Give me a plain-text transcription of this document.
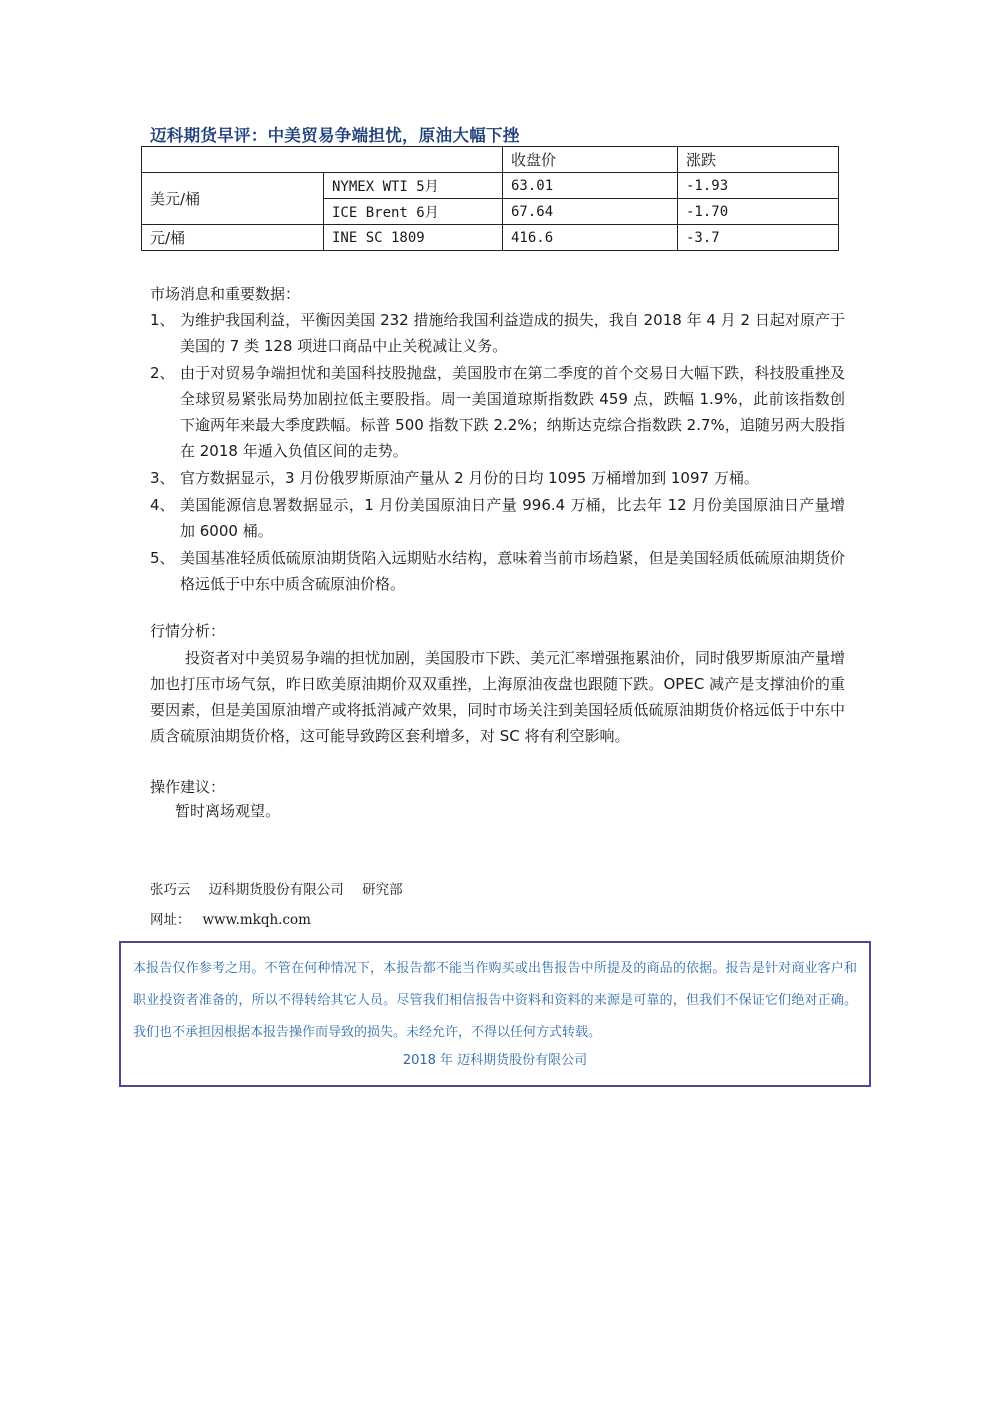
迈科期货早评：中美贸易争端担忧，原油大幅下挫
		收盘价	涨跌
美元/桶	NYMEX WTI 5月	63.01	-1.93
	ICE Brent 6月	67.64	-1.70
元/桶	INE SC 1809	416.6	-3.7
市场消息和重要数据：
1、 为维护我国利益，平衡因美国 232 措施给我国利益造成的损失，我自 2018 年 4 月 2 日起对原产于美国的 7 类 128 项进口商品中止关税减让义务。
2、 由于对贸易争端担忧和美国科技股抛盘，美国股市在第二季度的首个交易日大幅下跌，科技股重挫及全球贸易紧张局势加剧拉低主要股指。周一美国道琼斯指数跌 459 点，跌幅 1.9%，此前该指数创下逾两年来最大季度跌幅。标普 500 指数下跌 2.2%；纳斯达克综合指数跌 2.7%，追随另两大股指在 2018 年遁入负值区间的走势。
3、 官方数据显示，3 月份俄罗斯原油产量从 2 月份的日均 1095 万桶增加到 1097 万桶。
4、 美国能源信息署数据显示，1 月份美国原油日产量 996.4 万桶，比去年 12 月份美国原油日产量增加 6000 桶。
5、 美国基准轻质低硫原油期货陷入远期贴水结构，意味着当前市场趋紧，但是美国轻质低硫原油期货价格远低于中东中质含硫原油价格。
行情分析：

投资者对中美贸易争端的担忧加剧，美国股市下跌、美元汇率增强拖累油价，同时俄罗斯原油产量增加也打压市场气氛，昨日欧美原油期价双双重挫，上海原油夜盘也跟随下跌。OPEC 减产是支撑油价的重要因素，但是美国原油增产或将抵消减产效果，同时市场关注到美国轻质低硫原油期货价格远低于中东中质含硫原油期货价格，这可能导致跨区套利增多，对 SC 将有利空影响。

操作建议：
暂时离场观望。
张巧云 迈科期货股份有限公司 研究部
网址： www.mkqh.com

本报告仅作参考之用。不管在何种情况下，本报告都不能当作购买或出售报告中所提及的商品的依据。报告是针对商业客户和职业投资者准备的，所以不得转给其它人员。尽管我们相信报告中资料和资料的来源是可靠的，但我们不保证它们绝对正确。我们也不承担因根据本报告操作而导致的损失。未经允许，不得以任何方式转载。

2018 年 迈科期货股份有限公司
